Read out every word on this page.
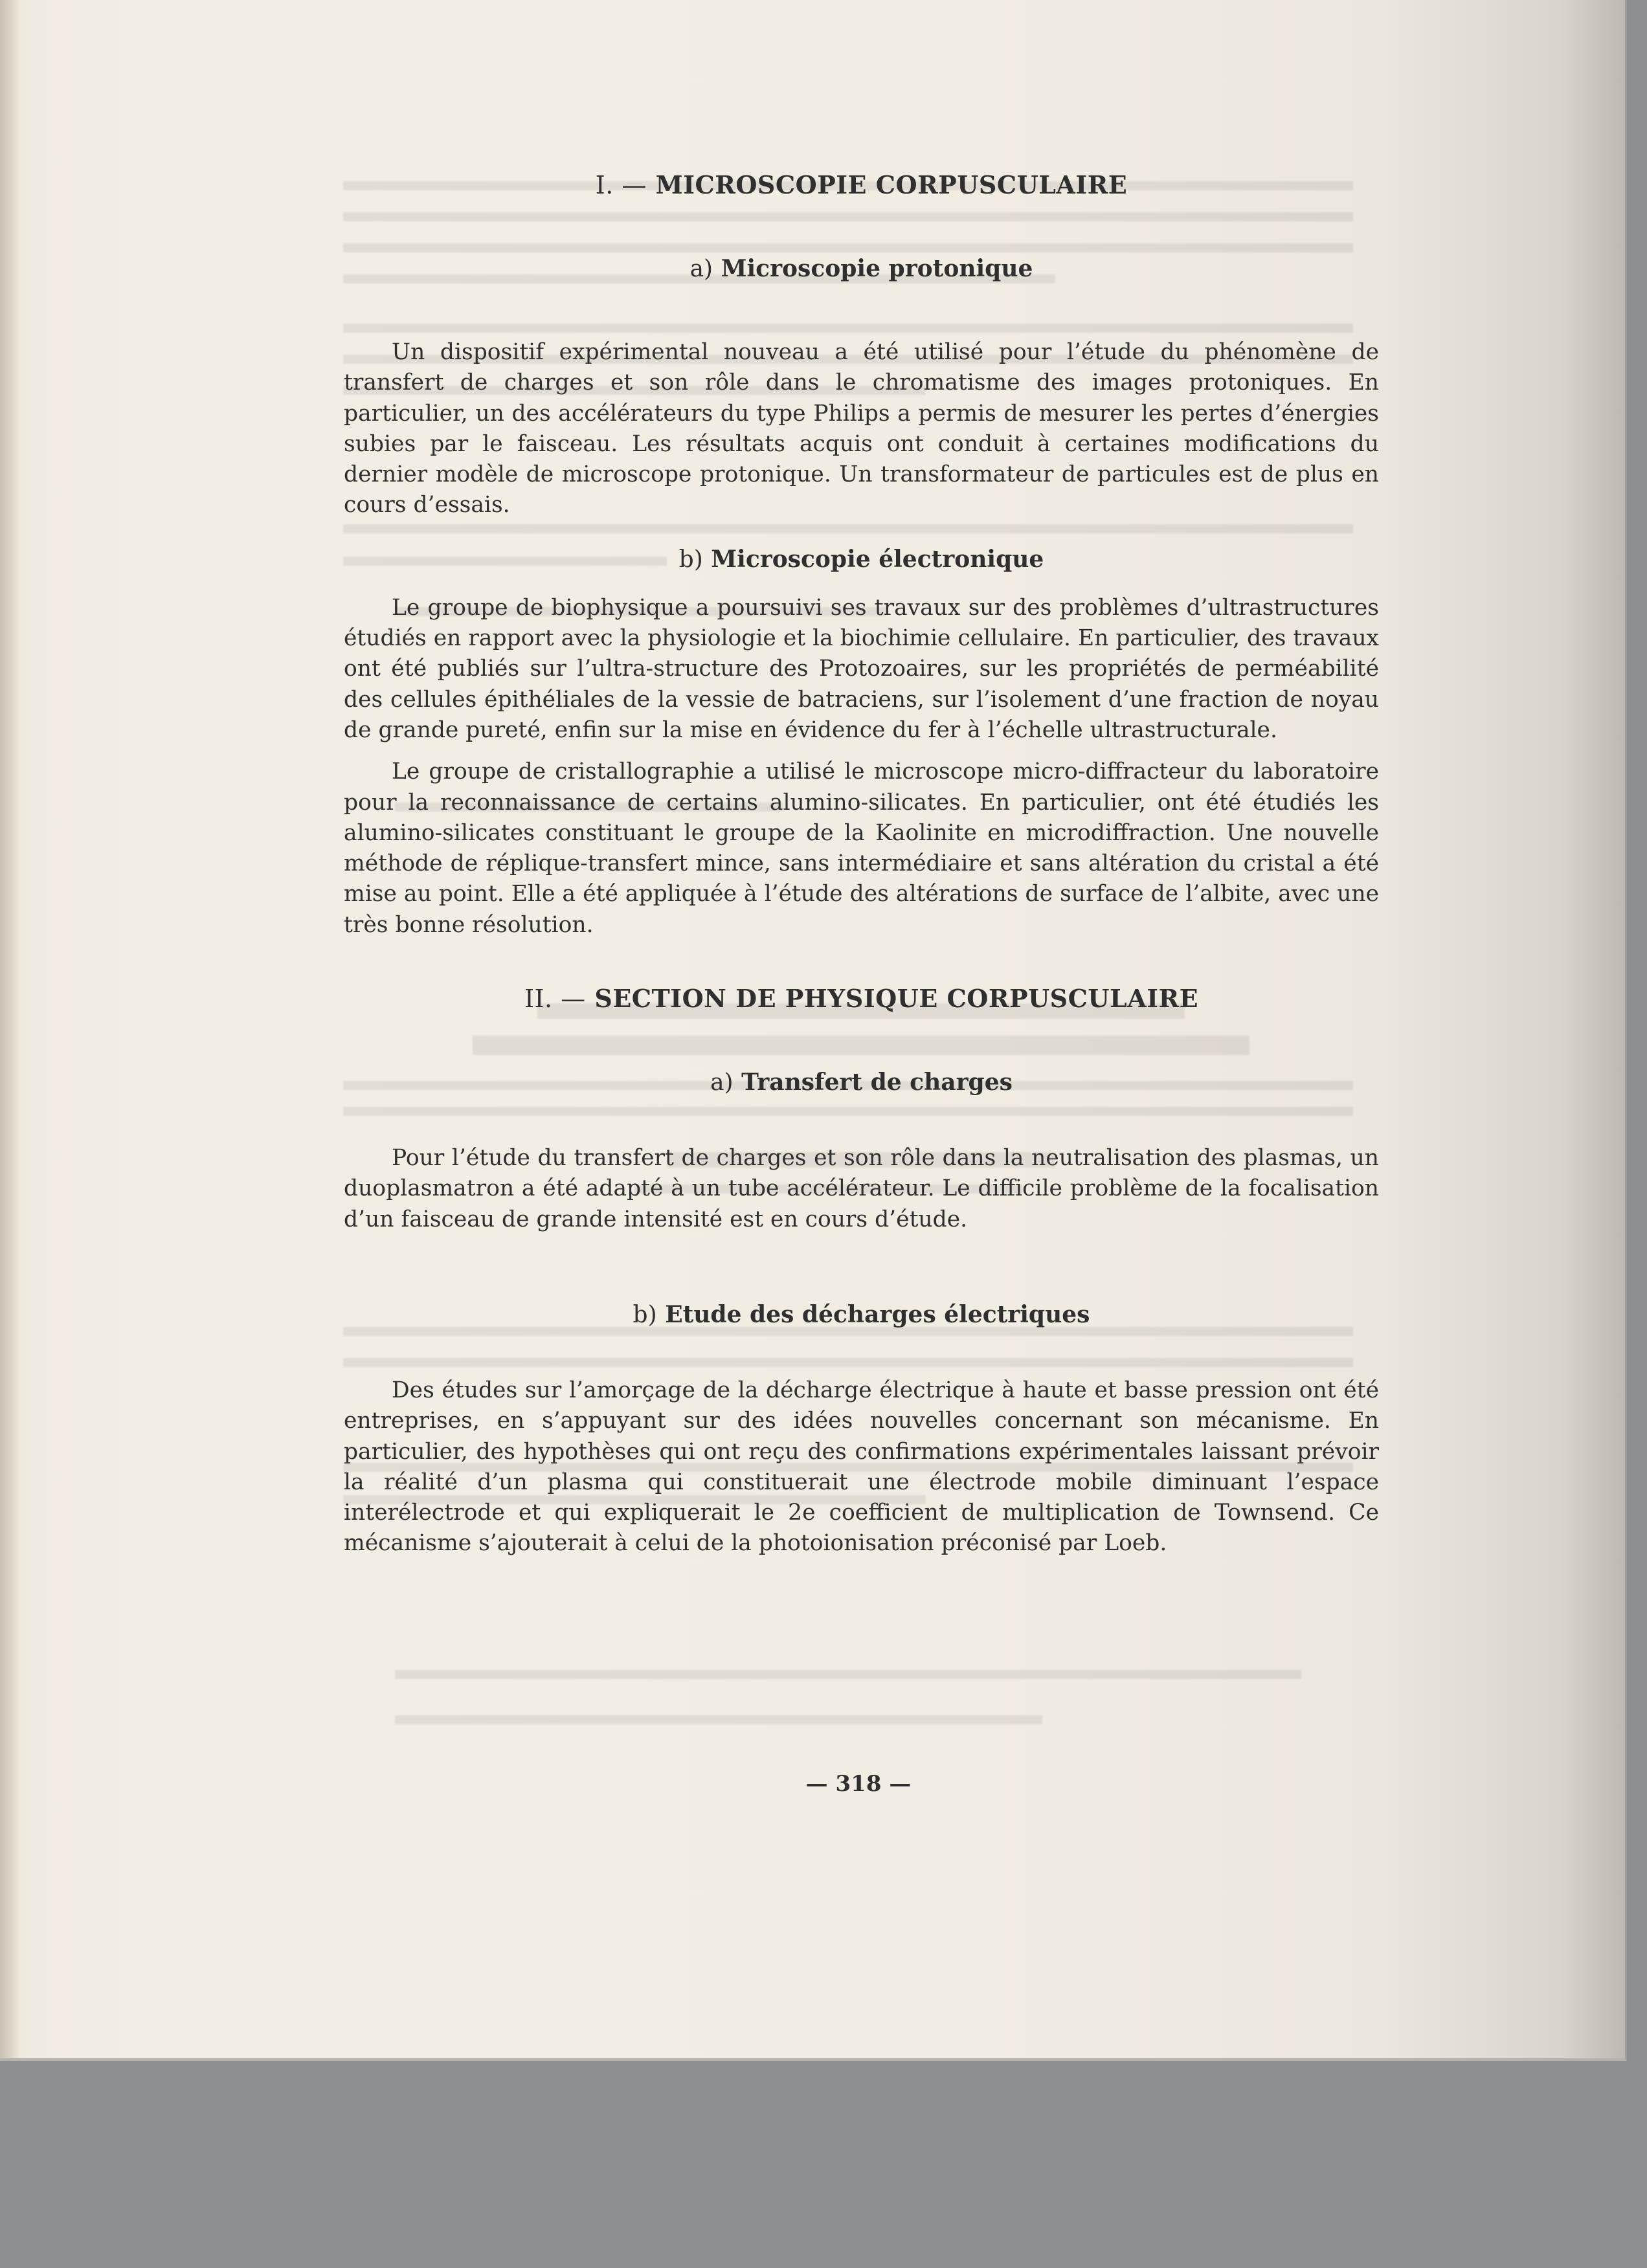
I. — MICROSCOPIE CORPUSCULAIRE
a) Microscopie protonique

Un dispositif expérimental nouveau a été utilisé pour l’étude du phénomène de transfert de charges et son rôle dans le chromatisme des images protoniques. En particulier, un des accélérateurs du type Philips a permis de mesurer les pertes d’énergies subies par le faisceau. Les résultats acquis ont conduit à certaines modifications du dernier modèle de microscope protonique. Un transformateur de particules est de plus en cours d’essais.

b) Microscopie électronique

Le groupe de biophysique a poursuivi ses travaux sur des problèmes d’ultrastructures étudiés en rapport avec la physiologie et la biochimie cellulaire. En particulier, des travaux ont été publiés sur l’ultra-structure des Protozoaires, sur les propriétés de perméabilité des cellules épithéliales de la vessie de batraciens, sur l’isolement d’une fraction de noyau de grande pureté, enfin sur la mise en évidence du fer à l’échelle ultrastructurale.

Le groupe de cristallographie a utilisé le microscope micro-diffracteur du laboratoire pour la reconnaissance de certains alumino-silicates. En particulier, ont été étudiés les alumino-silicates constituant le groupe de la Kaolinite en microdiffraction. Une nouvelle méthode de réplique-transfert mince, sans intermédiaire et sans altération du cristal a été mise au point. Elle a été appliquée à l’étude des altérations de surface de l’albite, avec une très bonne résolution.

II. — SECTION DE PHYSIQUE CORPUSCULAIRE
a) Transfert de charges

Pour l’étude du transfert de charges et son rôle dans la neutralisation des plasmas, un duoplasmatron a été adapté à un tube accélérateur. Le difficile problème de la focalisation d’un faisceau de grande intensité est en cours d’étude.

b) Etude des décharges électriques

Des études sur l’amorçage de la décharge électrique à haute et basse pression ont été entreprises, en s’appuyant sur des idées nouvelles concernant son mécanisme. En particulier, des hypothèses qui ont reçu des confirmations expérimentales laissant prévoir la réalité d’un plasma qui constituerait une électrode mobile diminuant l’espace interélectrode et qui expliquerait le 2e coefficient de multiplication de Townsend. Ce mécanisme s’ajouterait à celui de la photoionisation préconisé par Loeb.

— 318 —
